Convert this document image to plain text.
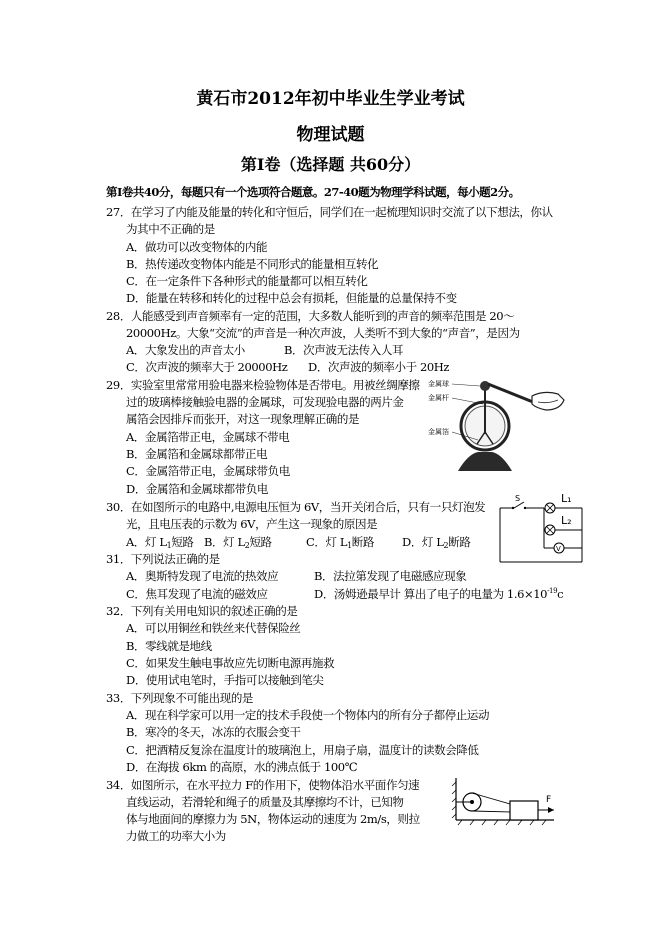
黄石市2012年初中毕业生学业考试
物理试题
第Ⅰ卷（选择题 共60分）
第Ⅰ卷共40分，每题只有一个选项符合题意。27-40题为物理学科试题，每小题2分。
27．在学习了内能及能量的转化和守恒后，同学们在一起梳理知识时交流了以下想法，你认
为其中不正确的是
A．做功可以改变物体的内能
B．热传递改变物体内能是不同形式的能量相互转化
C．在一定条件下各种形式的能量都可以相互转化
D．能量在转移和转化的过程中总会有损耗，但能量的总量保持不变
28．人能感受到声音频率有一定的范围，大多数人能听到的声音的频率范围是 20～
20000Hz。大象“交流”的声音是一种次声波，人类听不到大象的“声音”，是因为
A．大象发出的声音太小	B．次声波无法传入人耳
C．次声波的频率大于 20000Hz D．次声波的频率小于 20Hz
29．实验室里常常用验电器来检验物体是否带电。用被丝绸摩擦
过的玻璃棒接触验电器的金属球，可发现验电器的两片金
属箔会因排斥而张开，对这一现象理解正确的是
A．金属箔带正电，金属球不带电
B．金属箔和金属球都带正电
C．金属箔带正电，金属球带负电
D．金属箔和金属球都带负电
金属球
金属杆
金属箔
30．在如图所示的电路中,电源电压恒为 6V，当开关闭合后，只有一只灯泡发
光，且电压表的示数为 6V，产生这一现象的原因是
A．灯 $L_1$短路 B．灯 $L_2$短路	C．灯 $L_1$断路 D．灯 $L_2$断路
S	L₁
L₂
V
31．下列说法正确的是
A．奥斯特发现了电流的热效应	B．法拉第发现了电磁感应现象
C．焦耳发现了电流的磁效应	D．汤姆逊最早计 算出了电子的电量为 $1.6\times 10^{-19}c$
32．下列有关用电知识的叙述正确的是
A．可以用铜丝和铁丝来代替保险丝
B．零线就是地线
C．如果发生触电事故应先切断电源再施救
D．使用试电笔时，手指可以接触到笔尖
33．下列现象不可能出现的是
A．现在科学家可以用一定的技术手段使一个物体内的所有分子都停止运动
B．寒冷的冬天，冰冻的衣服会变干
C．把酒精反复涂在温度计的玻璃泡上，用扇子扇，温度计的读数会降低
D．在海拔 6km 的高原，水的沸点低于 100℃
34．如图所示，在水平拉力 F的作用下，使物体沿水平面作匀速
直线运动，若滑轮和绳子的质量及其摩擦均不计，已知物
体与地面间的摩擦力为 5N，物体运动的速度为 2m/s，则拉
力做工的功率大小为
F
